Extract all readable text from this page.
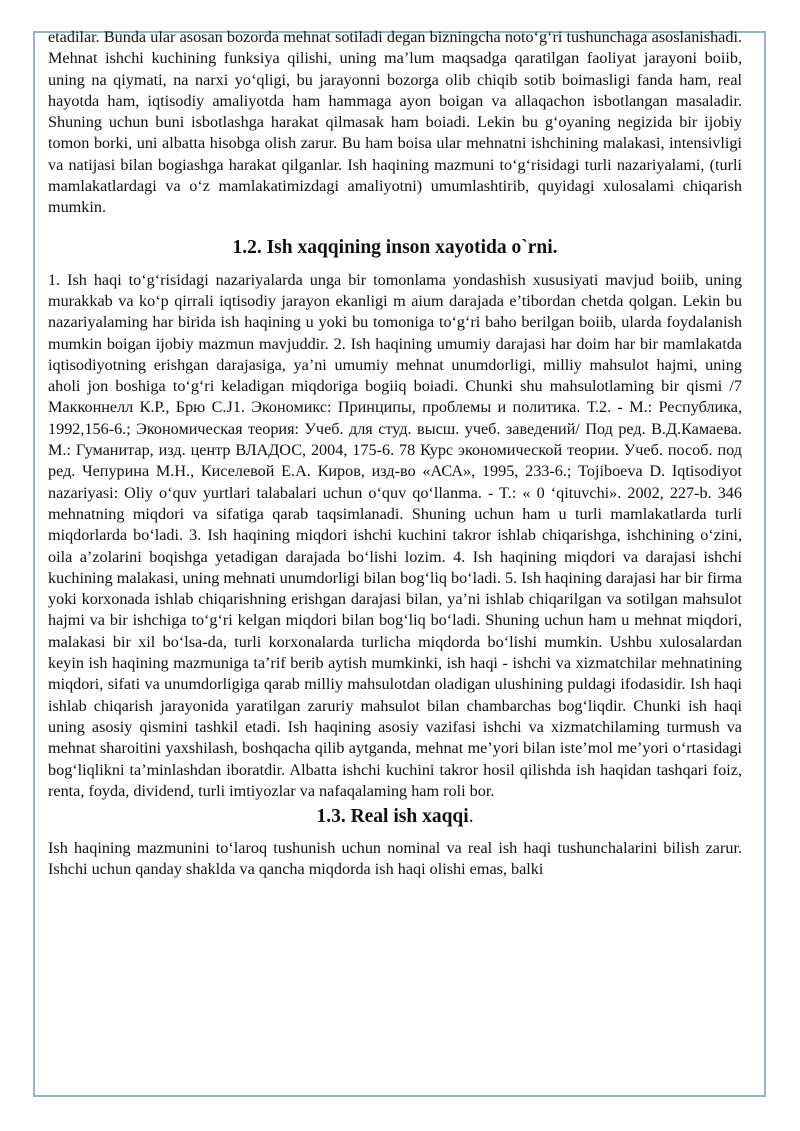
etadilar. Bunda ular asosan bozorda mehnat sotiladi degan bizningcha noto‘g‘ri tushunchaga asoslanishadi. Mehnat ishchi kuchining funksiya qilishi, uning ma’lum maqsadga qaratilgan faoliyat jarayoni boiib, uning na qiymati, na narxi yo‘qligi, bu jarayonni bozorga olib chiqib sotib boimasligi fanda ham, real hayotda ham, iqtisodiy amaliyotda ham hammaga ayon boigan va allaqachon isbotlangan masaladir. Shuning uchun buni isbotlashga harakat qilmasak ham boiadi. Lekin bu g‘oyaning negizida bir ijobiy tomon borki, uni albatta hisobga olish zarur. Bu ham boisa ular mehnatni ishchining malakasi, intensivligi va natijasi bilan bogiashga harakat qilganlar. Ish haqining mazmuni to‘g‘risidagi turli nazariyalami, (turli mamlakatlardagi va o‘z mamlakatimizdagi amaliyotni) umumlashtirib, quyidagi xulosalami chiqarish mumkin.

1.2. Ish xaqqining inson xayotida o`rni.

1. Ish haqi to‘g‘risidagi nazariyalarda unga bir tomonlama yondashish xususiyati mavjud boiib, uning murakkab va ko‘p qirrali iqtisodiy jarayon ekanligi m aium darajada e’tibordan chetda qolgan. Lekin bu nazariyalaming har birida ish haqining u yoki bu tomoniga to‘g‘ri baho berilgan boiib, ularda foydalanish mumkin boigan ijobiy mazmun mavjuddir. 2. Ish haqining umumiy darajasi har doim har bir mamlakatda iqtisodiyotning erishgan darajasiga, ya’ni umumiy mehnat unumdorligi, milliy mahsulot hajmi, uning aholi jon boshiga to‘g‘ri keladigan miqdoriga bogiiq boiadi. Chunki shu mahsulotlaming bir qismi /7 Макконнелл К.Р., Брю С.J1. Экономикс: Принципы, проблемы и политика. Т.2. - М.: Республика, 1992,156-6.; Экономическая теория: Учеб. для студ. высш. учеб. заведений/ Под ред. В.Д.Камаева. М.: Гуманитар, изд. центр ВЛАДОС, 2004, 175-6. 78 Курс экономической теории. Учеб. пособ. под ред. Чепурина М.Н., Киселевой Е.А. Киров, изд-во «АСА», 1995, 233-6.; Tojiboeva D. Iqtisodiyot nazariyasi: Oliy o‘quv yurtlari talabalari uchun o‘quv qo‘llanma. - T.: « 0 ‘qituvchi». 2002, 227-b. 346 mehnatning miqdori va sifatiga qarab taqsimlanadi. Shuning uchun ham u turli mamlakatlarda turli miqdorlarda bo‘ladi. 3. Ish haqining miqdori ishchi kuchini takror ishlab chiqarishga, ishchining o‘zini, oila a’zolarini boqishga yetadigan darajada bo‘lishi lozim. 4. Ish haqining miqdori va darajasi ishchi kuchining malakasi, uning mehnati unumdorligi bilan bog‘liq bo‘ladi. 5. Ish haqining darajasi har bir firma yoki korxonada ishlab chiqarishning erishgan darajasi bilan, ya’ni ishlab chiqarilgan va sotilgan mahsulot hajmi va bir ishchiga to‘g‘ri kelgan miqdori bilan bog‘liq bo‘ladi. Shuning uchun ham u mehnat miqdori, malakasi bir xil bo‘lsa-da, turli korxonalarda turlicha miqdorda bo‘lishi mumkin. Ushbu xulosalardan keyin ish haqining mazmuniga ta’rif berib aytish mumkinki, ish haqi - ishchi va xizmatchilar mehnatining miqdori, sifati va unumdorligiga qarab milliy mahsulotdan oladigan ulushining puldagi ifodasidir. Ish haqi ishlab chiqarish jarayonida yaratilgan zaruriy mahsulot bilan chambarchas bog‘liqdir. Chunki ish haqi uning asosiy qismini tashkil etadi. Ish haqining asosiy vazifasi ishchi va xizmatchilaming turmush va mehnat sharoitini yaxshilash, boshqacha qilib aytganda, mehnat me’yori bilan iste’mol me’yori o‘rtasidagi bog‘liqlikni ta’minlashdan iboratdir. Albatta ishchi kuchini takror hosil qilishda ish haqidan tashqari foiz, renta, foyda, dividend, turli imtiyozlar va nafaqalaming ham roli bor.

1.3. Real ish xaqqi.

Ish haqining mazmunini to‘laroq tushunish uchun nominal va real ish haqi tushunchalarini bilish zarur. Ishchi uchun qanday shaklda va qancha miqdorda ish haqi olishi emas, balki
